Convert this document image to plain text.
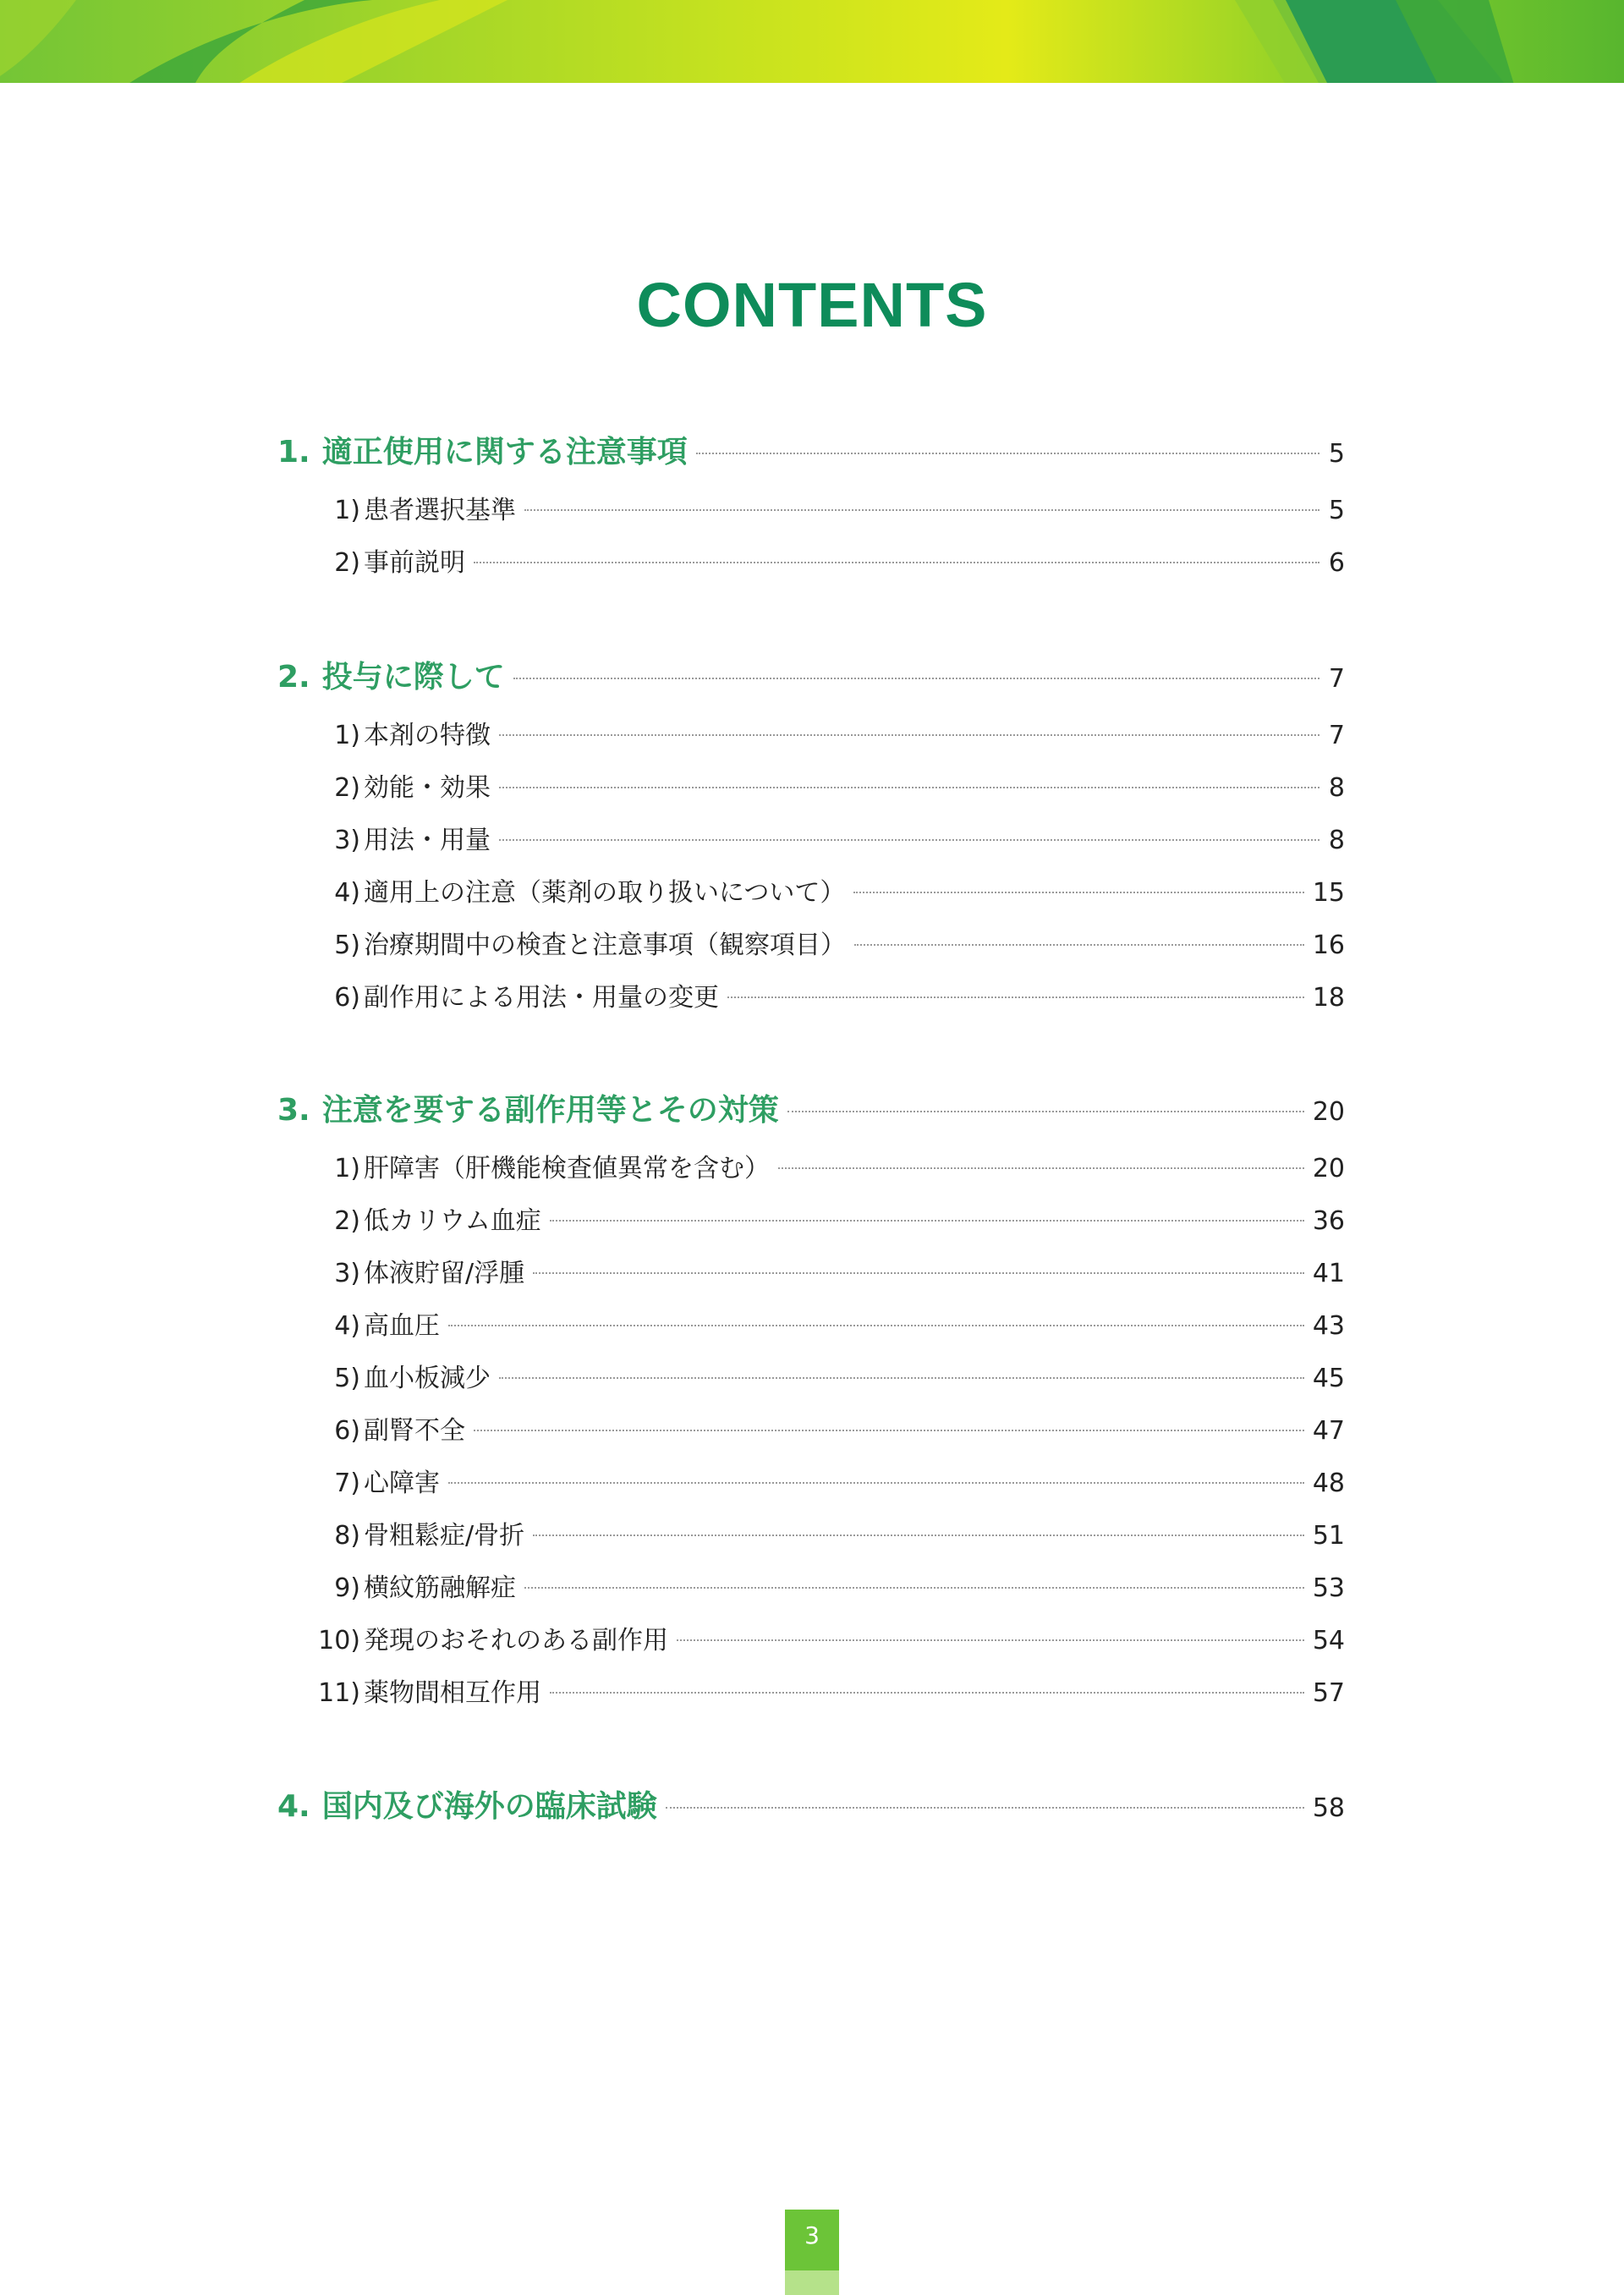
CONTENTS
1. 適正使用に関する注意事項	5
1) 患者選択基準	5
2) 事前説明	6
2. 投与に際して	7
1) 本剤の特徴	7
2) 効能・効果	8
3) 用法・用量	8
4) 適用上の注意（薬剤の取り扱いについて）	15
5) 治療期間中の検査と注意事項（観察項目）	16
6) 副作用による用法・用量の変更	18
3. 注意を要する副作用等とその対策	20
1) 肝障害（肝機能検査値異常を含む）	20
2) 低カリウム血症	36
3) 体液貯留/浮腫	41
4) 高血圧	43
5) 血小板減少	45
6) 副腎不全	47
7) 心障害	48
8) 骨粗鬆症/骨折	51
9) 横紋筋融解症	53
10) 発現のおそれのある副作用	54
11) 薬物間相互作用	57
4. 国内及び海外の臨床試験	58
3
